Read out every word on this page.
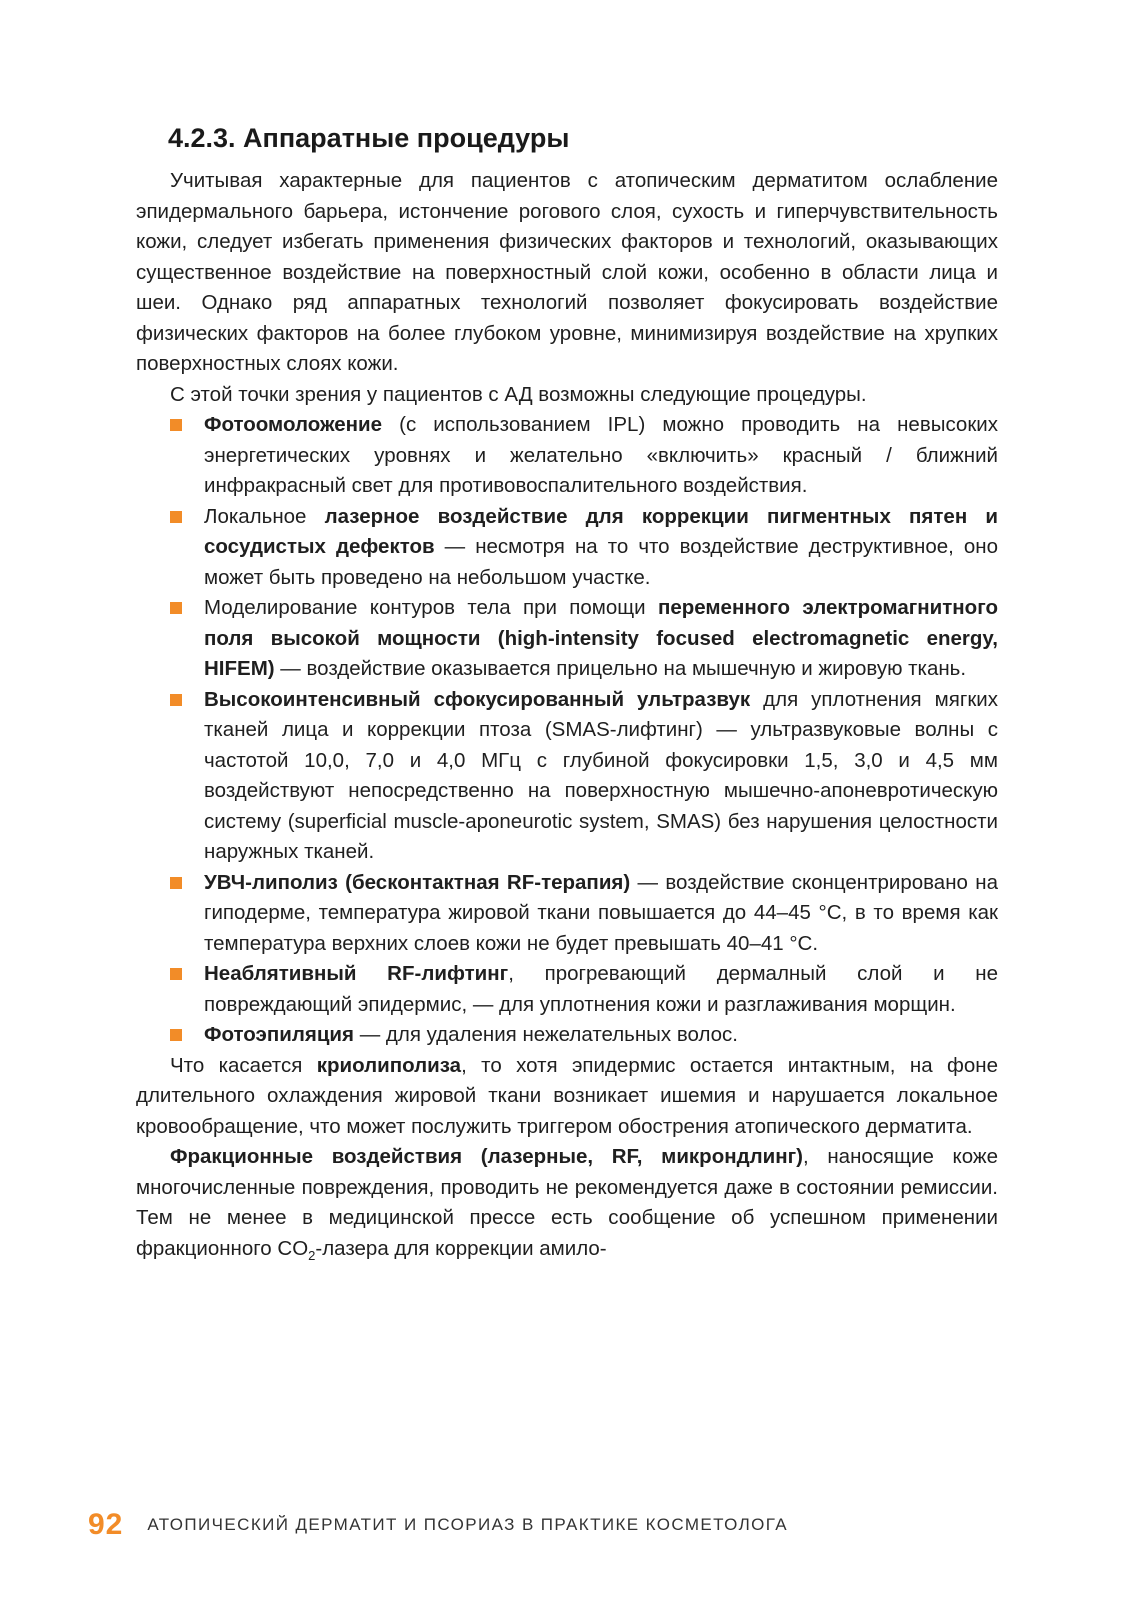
4.2.3. Аппаратные процедуры

Учитывая характерные для пациентов с атопическим дерматитом ослабление эпидермального барьера, истончение рогового слоя, сухость и гиперчувствительность кожи, следует избегать применения физических факторов и технологий, оказывающих существенное воздействие на поверхностный слой кожи, особенно в области лица и шеи. Однако ряд аппаратных технологий позволяет фокусировать воздействие физических факторов на более глубоком уровне, минимизируя воздействие на хрупких поверхностных слоях кожи.

С этой точки зрения у пациентов с АД возможны следующие процедуры.

Фотоомоложение (с использованием IPL) можно проводить на невысоких энергетических уровнях и желательно «включить» красный / ближний инфракрасный свет для противовоспалительного воздействия.
Локальное лазерное воздействие для коррекции пигментных пятен и сосудистых дефектов — несмотря на то что воздействие деструктивное, оно может быть проведено на небольшом участке.
Моделирование контуров тела при помощи переменного электромагнитного поля высокой мощности (high-intensity focused electromagnetic energy, HIFEM) — воздействие оказывается прицельно на мышечную и жировую ткань.
Высокоинтенсивный сфокусированный ультразвук для уплотнения мягких тканей лица и коррекции птоза (SMAS-лифтинг) — ультразвуковые волны с частотой 10,0, 7,0 и 4,0 МГц с глубиной фокусировки 1,5, 3,0 и 4,5 мм воздействуют непосредственно на поверхностную мышечно-апоневротическую систему (superficial muscle-aponeurotic system, SMAS) без нарушения целостности наружных тканей.
УВЧ-липолиз (бесконтактная RF-терапия) — воздействие сконцентрировано на гиподерме, температура жировой ткани повышается до 44–45 °С, в то время как температура верхних слоев кожи не будет превышать 40–41 °С.
Неаблятивный RF-лифтинг, прогревающий дермалный слой и не повреждающий эпидермис, — для уплотнения кожи и разглаживания морщин.
Фотоэпиляция — для удаления нежелательных волос.

Что касается криолиполиза, то хотя эпидермис остается интактным, на фоне длительного охлаждения жировой ткани возникает ишемия и нарушается локальное кровообращение, что может послужить триггером обострения атопического дерматита.

Фракционные воздействия (лазерные, RF, микрондлинг), наносящие коже многочисленные повреждения, проводить не рекомендуется даже в состоянии ремиссии. Тем не менее в медицинской прессе есть сообщение об успешном применении фракционного $CO_2$-лазера для коррекции амило-

92 АТОПИЧЕСКИЙ ДЕРМАТИТ И ПСОРИАЗ В ПРАКТИКЕ КОСМЕТОЛОГА
